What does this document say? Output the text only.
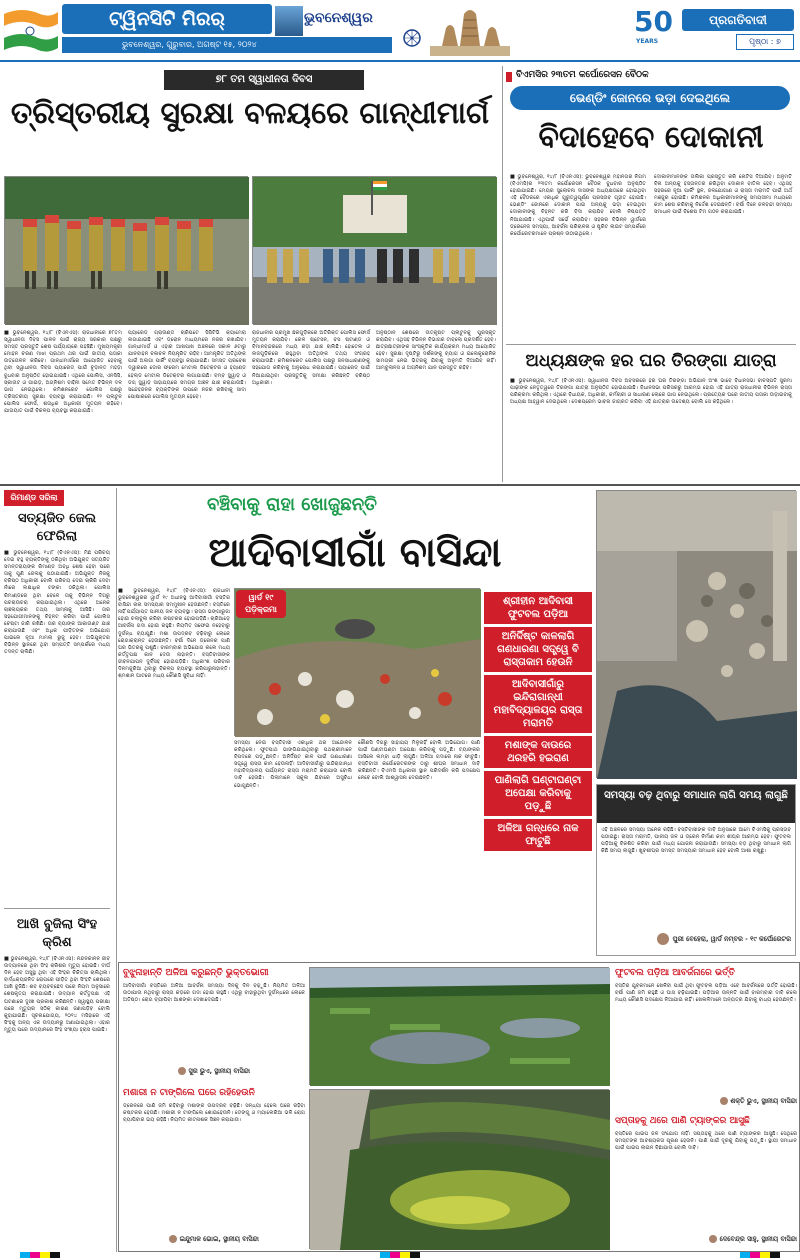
ଟ୍ୱିନସିଟି ମିରର୍
ଭୁବନେଶ୍ୱର, ଗୁରୁବାର, ଅଗଷ୍ଟ ୧୫, ୨୦୨୪
ଭୁବନେଶ୍ୱର	50
YEARS
ପ୍ରଗତିବାଦୀ
ପୃଷ୍ଠା : ୭
୭୮ ତମ ସ୍ୱାଧୀନତା ଦିବସ
ତ୍ରିସ୍ତରୀୟ ସୁରକ୍ଷା ବଳୟରେ ଗାନ୍ଧୀମାର୍ଗ
■ ଭୁବନେଶ୍ୱର, ୧୪/୮ (ବିଏନଏସ): ରାଜଧାନୀରେ ୭୮ତମ ସ୍ୱାଧୀନତା ଦିବସ ପାଳନ ପାଇଁ ରାଜ୍ୟ ସରକାର ପକ୍ଷରୁ ସମସ୍ତ ପ୍ରସ୍ତୁତି ଶେଷ ପର୍ଯ୍ୟାୟରେ ପହଞ୍ଚିଛି। ମୁଖ୍ୟମନ୍ତ୍ରୀ ମୋହନ ଚରଣ ମାଝୀ ପ୍ରଥମ ଥର ପାଇଁ ଜାତୀୟ ପତାକା ଉତ୍ତୋଳନ କରିବେ। ଗାନ୍ଧୀମାର୍ଗରେ ଆୟୋଜିତ ହେବାକୁ ଥିବା ସ୍ୱାଧୀନତା ଦିବସ ପ୍ୟାରେଡ୍ ପାଇଁ ଚୂଡ଼ାନ୍ତ ମହଡ଼ା ବୁଧବାର ଅନୁଷ୍ଠିତ ହୋଇଯାଇଛି। ଏଥିରେ ପୋଲିସ, ଏନସିସି, ସ୍କାଉଟ ଓ ଗାଇଡ଼, ଅଗ୍ନିଶମ ବାହିନୀ ସମେତ ବିଭିନ୍ନ ଦଳ ଭାଗ ନେଇଥିଲେ। କମିଶନରେଟ ପୋଲିସ ପକ୍ଷରୁ ତ୍ରିସ୍ତରୀୟ ସୁରକ୍ଷା ବ୍ୟବସ୍ଥା କରାଯାଇଛି। ୧୨ ପ୍ଲାଟୁନ ପୋଲିସ ଫୋର୍ସ, ଶତାଧିକ ଅଧିକାରୀ ମୁତୟନ ରହିବେ। ଯାତାୟାତ ପାଇଁ ବିକଳ୍ପ ବ୍ୟବସ୍ଥା କରାଯାଇଛି।
ପ୍ୟାରେଡ୍ ଗ୍ରାଉଣ୍ଡ ଚାରିପଟେ ସିସିଟିଭି କ୍ୟାମେରା ଲଗାଯାଇଛି ଏବଂ ଡ୍ରୋନ ମାଧ୍ୟମରେ ନଜର ରଖାଯିବ। ଗାନ୍ଧୀମାର୍ଗ ଓ ଏହାର ଆଖପାଖ ଅଞ୍ଚଳରେ ସକାଳ ୬ଟାରୁ ଯାନବାହନ ଚଳାଚଳ ନିୟନ୍ତ୍ରିତ ରହିବ। ଆମନ୍ତ୍ରିତ ଅତିଥିଙ୍କ ପାଇଁ ଅଲଗା ପାର୍କିଂ ବ୍ୟବସ୍ଥା କରାଯାଇଛି। ସମସ୍ତ ପ୍ରବେଶ ଦ୍ୱାରରେ ଡୋର ଫ୍ରେମ ମେଟାଲ ଡିଟେକ୍ଟର ଓ ହ୍ୟାଣ୍ଡ ହେଲ୍ଡ ମେଟାଲ ଡିଟେକ୍ଟର ଲଗାଯାଇଛି। ବମ୍ବ ସ୍କ୍ୱାଡ଼ ଓ ଡଗ୍ ସ୍କ୍ୱାଡ଼ ସାହାଯ୍ୟରେ ସମଗ୍ର ଅଞ୍ଚଳ ଯାଞ୍ଚ କରାଯାଉଛି। ସନ୍ଦେହଜନକ ବ୍ୟକ୍ତିଙ୍କ ଉପରେ ନଜର ରଖିବାକୁ ସାଦା ପୋଷାକରେ ପୋଲିସ ମୁତୟନ ହେବେ।
ରାଜଧାନୀର ପ୍ରମୁଖ ଛକଗୁଡ଼ିକରେ ଅତିରିକ୍ତ ପୋଲିସ ଫୋର୍ସ ମୁତୟନ କରାଯିବ। ରେଳ ଷ୍ଟେସନ, ବସ ଷ୍ଟାଣ୍ଡ ଓ ବିମାନବନ୍ଦରରେ ମଧ୍ୟ କଡ଼ା ଯାଞ୍ଚ ଚାଲିଛି। ହୋଟେଲ ଓ ଲଜଗୁଡ଼ିକରେ ରହୁଥିବା ଅତିଥିଙ୍କ ତଥ୍ୟ ସଂଗ୍ରହ କରାଯାଉଛି। କମିଶନରେଟ ପୋଲିସ ପକ୍ଷରୁ ଜନସାଧାରଣଙ୍କୁ ସହଯୋଗ କରିବାକୁ ଅନୁରୋଧ କରାଯାଇଛି। ପ୍ୟାରେଡ୍ ପାଇଁ ନିଆଯାଇଥିବା ପ୍ରସ୍ତୁତିକୁ ସମୀକ୍ଷା କରିଛନ୍ତି ବରିଷ୍ଠ ଅଧିକାରୀ।
ଅନୁଷ୍ଠାନ ଶେଷରେ ଉତ୍କୃଷ୍ଟ ପ୍ଲାଟୁନକୁ ପୁରସ୍କୃତ କରାଯିବ। ଏଥିସହ ବିଭିନ୍ନ ବିଭାଗର ଟାବ୍ଲୋ ପ୍ରଦର୍ଶିତ ହେବ। ଛାତ୍ରଛାତ୍ରୀଙ୍କ ସାଂସ୍କୃତିକ କାର୍ଯ୍ୟକ୍ରମ ମଧ୍ୟ ଆୟୋଜିତ ହେବ। ସୁରକ୍ଷା ଦୃଷ୍ଟିରୁ ଦର୍ଶକଙ୍କୁ ବ୍ୟାଗ ଓ ଇଲେକ୍ଟ୍ରୋନିକ ସାମଗ୍ରୀ ନେଇ ଭିତରକୁ ଯିବାକୁ ଅନୁମତି ଦିଆଯିବ ନାହିଁ। ଆମ୍ବୁଲାନ୍ସ ଓ ଅଗ୍ନିଶମ ଯାନ ପ୍ରସ୍ତୁତ ରହିବ।
ବିଏମସିର ୨୩ତମ କର୍ପୋରେସନ ବୈଠକ
ଭେଣ୍ଡିଂ ଜୋନରେ ଭଡ଼ା ଦେଇଥିଲେ
ବିଦାହେବେ ଦୋକାନୀ
■ ଭୁବନେଶ୍ୱର, ୧୪/୮ (ବିଏନଏସ): ଭୁବନେଶ୍ୱର ମହାନଗର ନିଗମ (ବିଏମସି)ର ୨୩ତମ କର୍ପୋରେସନ ବୈଠକ ବୁଧବାର ଅନୁଷ୍ଠିତ ହୋଇଯାଇଛି। ମେୟର ସୁଲୋଚନା ଦାସଙ୍କ ଅଧ୍ୟକ୍ଷତାରେ ହୋଇଥିବା ଏହି ବୈଠକରେ ଏକାଧିକ ଗୁରୁତ୍ୱପୂର୍ଣ୍ଣ ପ୍ରସ୍ତାବ ଗୃହୀତ ହୋଇଛି। ଭେଣ୍ଡିଂ ଜୋନରେ ଦୋକାନ ପାଇ ଅନ୍ୟକୁ ଭଡ଼ା ଦେଇଥିବା ଦୋକାନୀଙ୍କୁ ଚିହ୍ନଟ କରି ବିଦା କରାଯିବ ବୋଲି ନିଷ୍ପତ୍ତି ନିଆଯାଇଛି। ଏଥିପାଇଁ ସର୍ଭେ କରାଯିବ। ସହରର ବିଭିନ୍ନ ୱାର୍ଡରେ ଡ୍ରେନେଜ ସମସ୍ୟା, ଆବର୍ଜନା ପରିଚାଳନା ଓ ଷ୍ଟ୍ରିଟ ଲାଇଟ ସମ୍ପର୍କରେ କର୍ପୋରେଟରମାନେ ପ୍ରଶ୍ନ ଉଠାଇଥିଲେ।
ଦୋକାନୀମାନଙ୍କ ତାଲିକା ପ୍ରସ୍ତୁତ କରି ନୋଟିସ ଦିଆଯିବ। ଅନୁମତି ବିନା ଅନ୍ୟକୁ ହସ୍ତାନ୍ତର କରିଥିବା ଦୋକାନ ବାତିଲ ହେବ। ଏଥିସହ ସହରରେ ନୂଆ ପାର୍କିଂ ସ୍ଥଳ, ଜଳଯୋଗାଣ ଓ ରାସ୍ତା ମରାମତି ପାଇଁ ଅର୍ଥ ମଞ୍ଜୁର ହୋଇଛି। କମିଶନର ଅଧିକାରୀମାନଙ୍କୁ ସମୟସୀମା ମଧ୍ୟରେ କାମ ଶେଷ କରିବାକୁ ନିର୍ଦ୍ଦେଶ ଦେଇଛନ୍ତି। ବର୍ଷା ଦିନେ ଜଳବନ୍ଦୀ ସମସ୍ୟା ସମାଧାନ ପାଇଁ ବିଶେଷ ଟିମ ଗଠନ କରାଯାଇଛି।
ଅଧ୍ୟକ୍ଷଙ୍କ ହର ଘର ତିରଙ୍ଗା ଯାତ୍ରା
■ ଭୁବନେଶ୍ୱର, ୧୪/୮ (ବିଏନଏସ): ସ୍ୱାଧୀନତା ଦିବସ ଅବସରରେ ହର ଘର ତିରଙ୍ଗା ଅଭିଯାନ ଅଂଶ ଭାବେ ବିଧାନସଭା ବାଚସ୍ପତି ସୁରମା ପାଢ଼ୀଙ୍କ ନେତୃତ୍ୱରେ ତିରଙ୍ଗା ଯାତ୍ରା ଅନୁଷ୍ଠିତ ହୋଇଯାଇଛି। ବିଧାନସଭା ପରିସରରୁ ଆରମ୍ଭ ହୋଇ ଏହି ଯାତ୍ରା ରାଜଧାନୀର ବିଭିନ୍ନ ରାସ୍ତା ପରିକ୍ରମା କରିଥିଲା। ଏଥିରେ ବିଧାୟକ, ଅଧିକାରୀ, କର୍ମଚାରୀ ଓ ସାଧାରଣ ଲୋକେ ଭାଗ ନେଇଥିଲେ। ପ୍ରତ୍ୟେକ ଘରେ ଜାତୀୟ ପତାକା ଉଡ଼ାଇବାକୁ ଅଧ୍ୟକ୍ଷ ଆହ୍ୱାନ ଦେଇଥିଲେ। ଦେଶପ୍ରେମ ଭାବନା ଜାଗ୍ରତ କରିବା ଏହି ଯାତ୍ରାର ଉଦ୍ଦେଶ୍ୟ ବୋଲି ସେ କହିଥିଲେ।
ରିମାଣ୍ଡ ସରିଲା
ସତ୍ୟଜିତ ଜେଲ ଫେରିଲା
■ ଭୁବନେଶ୍ୱର, ୧୪/୮ (ବିଏନଏସ): ମିଛ ପରିଚୟ ଦେଇ ବହୁ ବ୍ୟକ୍ତିଙ୍କୁ ଠକିଥିବା ଅଭିଯୁକ୍ତ ସତ୍ୟଜିତ ସମନ୍ତରାୟଙ୍କ ରିମାଣ୍ଡ ଅବଧି ଶେଷ ହେବା ପରେ ତାକୁ ପୁଣି ଜେଲକୁ ପଠାଯାଇଛି। ଅଭିଯୁକ୍ତ ନିଜକୁ ବରିଷ୍ଠ ଅଧିକାରୀ ବୋଲି ପରିଚୟ ଦେଇ ଚାକିରି ଦେବା ନାଁରେ ଲକ୍ଷାଧିକ ଟଙ୍କା ଠକିଥିଲା। ପୋଲିସ ରିମାଣ୍ଡରେ ଥିବା ବେଳେ ତାକୁ ବିଭିନ୍ନ ଦିଗରୁ ପଚରାଉଚରା କରାଯାଇଥିଲା। ଏଥିରେ ଅନେକ ଚାଞ୍ଚଲ୍ୟକର ତଥ୍ୟ ସାମ୍ନାକୁ ଆସିଛି। ତାର ସହଯୋଗୀମାନଙ୍କୁ ଚିହ୍ନଟ କରିବା ପାଇଁ ପୋଲିସ ଚେଷ୍ଟା ଜାରି ରଖିଛି। ତାର ବ୍ୟାଙ୍କ ଆକାଉଣ୍ଟ ଯାଞ୍ଚ କରାଯାଉଛି ଏବଂ ଅଧିକ ପୀଡ଼ିତଙ୍କ ଅଭିଯୋଗ ପାଇଲେ ନୂଆ ମାମଲା ରୁଜୁ ହେବ। ଅଭିଯୁକ୍ତର ବିଭିନ୍ନ ସ୍ଥାନରେ ଥିବା ସମ୍ପତ୍ତି ସମ୍ପର୍କରେ ମଧ୍ୟ ତଦନ୍ତ ଚାଲିଛି।
ଆଖି ବୁଜିଲା ସିଂହ କ୍ରିଶ
■ ଭୁବନେଶ୍ୱର, ୧୪/୮ (ବିଏନଏସ): ନନ୍ଦନକାନନ ଜୀବ ଉଦ୍ୟାନରେ ଥିବା ସିଂହ କ୍ରିଶର ମୃତ୍ୟୁ ହୋଇଛି। ଦୀର୍ଘ ଦିନ ହେବ ଅସୁସ୍ଥ ଥିବା ଏହି ସିଂହର ଚିକିତ୍ସା ଚାଲିଥିଲା। ବାର୍ଦ୍ଧକ୍ୟଜନିତ ରୋଗରେ ପୀଡ଼ିତ ଥିବା ସିଂହଟି ଶେଷରେ ଆଖି ବୁଜିଛି। ଶବ ବ୍ୟବଚ୍ଛେଦ ପରେ ନିୟମ ଅନୁସାରେ ଶେଷକୃତ୍ୟ କରାଯାଇଛି। ଉଦ୍ୟାନ କର୍ତ୍ତୃପକ୍ଷ ଏହି ଘଟଣାରେ ଦୁଃଖ ପ୍ରକାଶ କରିଛନ୍ତି। ସ୍ୱାସ୍ଥ୍ୟ ପରୀକ୍ଷା ପରେ ମୃତ୍ୟୁର ସଠିକ୍ କାରଣ ଜଣାପଡ଼ିବ ବୋଲି କୁହାଯାଇଛି। ସୂଚନାଯୋଗ୍ୟ, ୨୦୧୪ ମସିହାରେ ଏହି ସିଂହକୁ ଅନ୍ୟ ଏକ ଉଦ୍ୟାନରୁ ଅଣାଯାଇଥିଲା। ଏହାର ମୃତ୍ୟୁ ପରେ ଉଦ୍ୟାନରେ ସିଂହ ସଂଖ୍ୟା ହ୍ରାସ ପାଇଛି।
ବଞ୍ଚିବାକୁ ରାହା ଖୋଜୁଛନ୍ତି
ଆଦିବାସୀଗାଁ ବାସିନ୍ଦା
■ ଭୁବନେଶ୍ୱର, ୧୪/୮ (ବିଏନଏସ): ରାଜଧାନୀ ଭୁବନେଶ୍ୱରର ୱାର୍ଡ ୧୯ ଅଧୀନସ୍ଥ ଆଦିବାସୀଗାଁ ବସ୍ତିର ବାସିନ୍ଦା ନାନା ସମସ୍ୟାର ସମ୍ମୁଖୀନ ହେଉଛନ୍ତି। ବସ୍ତିରେ ନାହିଁ ପର୍ଯ୍ୟାପ୍ତ ପାନୀୟ ଜଳ ବ୍ୟବସ୍ଥା। ରାସ୍ତା ଭଙ୍ଗାରୁଜା ହୋଇ ଚଲାବୁଲା କରିବା କଷ୍ଟକର ହୋଇପଡ଼ିଛି। ଚାରିଆଡ଼େ ଆବର୍ଜନା ଗଦା ହୋଇ ରହୁଛି। ନିୟମିତ ସଫେଇ ନହେବାରୁ ଦୁର୍ଗନ୍ଧ ବ୍ୟାପୁଛି। ମଶା ଉପଦ୍ରବ ବଢ଼ିବାରୁ ଲୋକେ ରୋଗାକ୍ରାନ୍ତ ହେଉଛନ୍ତି। ବର୍ଷା ଦିନେ ଡ୍ରେନର ପାଣି ଘର ଭିତରକୁ ପଶୁଛି। ବାରମ୍ବାର ଅଭିଯୋଗ କଲେ ମଧ୍ୟ କର୍ତ୍ତୃପକ୍ଷ କାନ ଦେଉ ନାହାନ୍ତି। ବସ୍ତିବାସୀଙ୍କ ଜୀବନଯାପନ ଦୁର୍ବିସହ ହୋଇପଡ଼ିଛି। ଅଧିକାଂଶ ପରିବାର ଦିନମଜୁରିଆ ଥିବାରୁ ବିକଳ୍ପ ବ୍ୟବସ୍ଥା କରିପାରୁନାହାନ୍ତି। ଶ୍ମଶାନ ଘାଟରେ ମଧ୍ୟ କୌଣସି ସୁବିଧା ନାହିଁ।
ୱାର୍ଡ ୧୯ ପଡ଼ିକ୍ରମା
ସମସ୍ୟା ନେଇ ବସ୍ତିବାସୀ ଏକାଧିକ ଥର ଆନ୍ଦୋଳନ କରିଥିଲେ। ଫୁଟପାଥ ଭାଙ୍ଗିଯାଇଥିବାରୁ ପଥଚାରୀମାନେ ବିପଦରେ ପଡ଼ୁଛନ୍ତି। ଅନିର୍ଦ୍ଦିଷ୍ଟ କାଳ ପାଇଁ ଗଣଧାରଣା ସତ୍ତ୍ୱେ ରାସ୍ତା କାମ ହେଉନାହିଁ। ଆଦିବାସୀଗାଁରୁ ଇନ୍ଦିରାଗାନ୍ଧୀ ମହାବିଦ୍ୟାଳୟ ପର୍ଯ୍ୟନ୍ତ ରାସ୍ତା ମରାମତି କରାଯାଉ ବୋଲି ଦାବି ହେଉଛି। ପିଲାମାନେ ସ୍କୁଲ ଯିବାରେ ଅସୁବିଧା ଭୋଗୁଛନ୍ତି।
କୌଣସି ଦିଗରୁ ସାହାଯ୍ୟ ମିଳୁନାହିଁ ବୋଲି ଅଭିଯୋଗ। ପାଣି ପାଇଁ ଘଣ୍ଟାଘଣ୍ଟା ଅପେକ୍ଷା କରିବାକୁ ପଡ଼ୁଛି। ଟ୍ୟାଙ୍କର ଆସିଲେ ଲମ୍ବା ଧାଡ଼ି ଲାଗୁଛି। ଅଳିଆ ଗଦାରେ ନାକ ଫାଟୁଛି। ବସ୍ତିବାସୀ କର୍ପୋରେଟରଙ୍କ ଠାରୁ ଶୀଘ୍ର ସମାଧାନ ଦାବି କରିଛନ୍ତି। ବିଏମସି ଅଧିକାରୀ ସ୍ଥାନ ପରିଦର୍ଶନ କରି ପଦକ୍ଷେପ ନେବେ ବୋଲି ଆଶ୍ୱାସନା ଦେଇଛନ୍ତି।
ଶ୍ରୀହୀନ ଆଦିବାସୀ ଫୁଟବଲ ପଡ଼ିଆ
ଅନିର୍ଦ୍ଦିଷ୍ଟ କାଳଲାଗି ଗଣଧାରଣା ସତ୍ତ୍ୱେ ବି ରାସ୍ତାକାମ ହେଉନି
ଆଦିବାସୀଗାଁରୁ ଇନ୍ଦିରାଗାନ୍ଧୀ ମହାବିଦ୍ୟାଳୟର ରାସ୍ତା ମରାମତି
ମଶାଙ୍କ ଦାଉରେ ଥରହରି ହଇରାଣ
ପାଣିଲାଗି ଘଣ୍ଟାଘଣ୍ଟା ଅପେକ୍ଷା କରିବାକୁ ପଡ଼ୁଛି
ଅଳିଆ ଗନ୍ଧରେ ନାକ ଫାଟୁଛି
ସମସ୍ୟା ବଢ଼ ଥିବାରୁ ସମାଧାନ ଲାଗି ସମୟ ଲାଗୁଛି
ଏହି ଅଞ୍ଚଳରେ ସମସ୍ୟା ଅନେକ ରହିଛି। ବସ୍ତିବାସୀଙ୍କ ଦାବି ଅନୁସାରେ ଆମେ ବିଏମସିକୁ ପ୍ରସ୍ତାବ ପଠାଇଛୁ। ରାସ୍ତା ମରାମତି, ପାନୀୟ ଜଳ ଓ ଡ୍ରେନ ନିର୍ମାଣ କାମ ଶୀଘ୍ର ଆରମ୍ଭ ହେବ। ଫୁଟବଲ ପଡ଼ିଆକୁ ବିକଶିତ କରିବା ପାଇଁ ମଧ୍ୟ ଯୋଜନା କରାଯାଉଛି। ସମସ୍ୟା ବଡ଼ ଥିବାରୁ ସମାଧାନ ଲାଗି କିଛି ସମୟ ଲାଗୁଛି। ଖୁବଶୀଘ୍ର ସମସ୍ତ ସମସ୍ୟାର ସମାଧାନ ହେବ ବୋଲି ଆଶା ରଖୁଛୁ।
ପୁରୀ ବେହେରା, ୱାର୍ଡ ନମ୍ବର - ୧୯ କର୍ପୋରେଟର
ବୁଝୁନାହାନ୍ତି ଅଳିଆ କରୁଛନ୍ତି ଭୁକ୍ତଭୋଗୀ
ଆଦିବାସୀଗାଁ ବସ୍ତିରେ ଅଳିଆ ଆବର୍ଜନା ସମସ୍ୟା ଦିନକୁ ଦିନ ବଢ଼ୁଛି। ନିୟମିତ ଅଳିଆ ଉଠାଯାଉ ନଥିବାରୁ ରାସ୍ତା କଡ଼ରେ ଗଦା ହୋଇ ରହୁଛି। ଏଥିରୁ ବାହାରୁଥିବା ଦୁର୍ଗନ୍ଧରେ ଲୋକେ ଅତିଷ୍ଠ। ରୋଗ ବ୍ୟାପିବା ଆଶଙ୍କା ଦେଖାଦେଇଛି।
ସୁର ଭୁଏ, ସ୍ଥାନୀୟ ବାସିନ୍ଦା
ଫୁଟବଲ ପଡ଼ିଆ ଆବର୍ଜନାରେ ଭର୍ତ୍ତି
ବସ୍ତିର ଯୁବକମାନେ ଖେଳିବା ପାଇଁ ଥିବା ଫୁଟବଲ ପଡ଼ିଆ ଏବେ ଆବର୍ଜନାରେ ଭର୍ତ୍ତି ହୋଇଛି। ବର୍ଷା ପାଣି ଜମି ରହୁଛି ଓ ଘାସ ବଢ଼ିଯାଇଛି। ପଡ଼ିଆର ଉନ୍ନତି ପାଇଁ ବାରମ୍ବାର ଦାବି କଲେ ମଧ୍ୟ କୌଣସି ପଦକ୍ଷେପ ନିଆଯାଇ ନାହିଁ। ଖେଳାଳିମାନେ ଅନ୍ୟତ୍ର ଯିବାକୁ ବାଧ୍ୟ ହେଉଛନ୍ତି।
ଶକ୍ତି ଭୁଏ, ସ୍ଥାନୀୟ ବାସିନ୍ଦା
ମଶାରୀ ନ ଟାଙ୍ଗିଲେ ଘରେ ରହିହେଉନି
ଡ୍ରେନରେ ପାଣି ଜମି ରହିବାରୁ ମଶାଙ୍କ ଉପଦ୍ରବ ବଢ଼ିଛି। ସନ୍ଧ୍ୟା ହେଲେ ଘରେ ରହିବା କଷ୍ଟକର ହେଉଛି। ମଶାରୀ ନ ଟାଙ୍ଗିଲେ ଶୋଇହେଉନି। ଡେଙ୍ଗୁ ଓ ମ୍ୟାଲେରିଆ ଭଳି ରୋଗ ବ୍ୟାପିବାର ଭୟ ରହିଛି। ନିୟମିତ କୀଟନାଶକ ସିଞ୍ଚନ କରାଯାଉ।
ଇନ୍ଦୁମାଳ ଭୋଇ, ସ୍ଥାନୀୟ ବାସିନ୍ଦା
ସପ୍ତାହକୁ ଥରେ ପାଣି ଟ୍ୟାଙ୍କର ଆସୁଛି
ବସ୍ତିରେ ପାଇପ ଜଳ ସଂଯୋଗ ନାହିଁ। ସପ୍ତାହକୁ ଥରେ ପାଣି ଟ୍ୟାଙ୍କର ଆସୁଛି। ସେଥିରେ ସମସ୍ତଙ୍କ ଆବଶ୍ୟକତା ପୂରଣ ହେଉନି। ପାଣି ପାଇଁ ଦୂରକୁ ଯିବାକୁ ପଡ଼ୁଛି। ସ୍ଥାୟୀ ସମାଧାନ ପାଇଁ ପାଇପ ଲାଇନ ବିଛାଯାଉ ବୋଲି ଦାବି।
ଦେବେନ୍ଦ୍ର ସାହୁ, ସ୍ଥାନୀୟ ବାସିନ୍ଦା
